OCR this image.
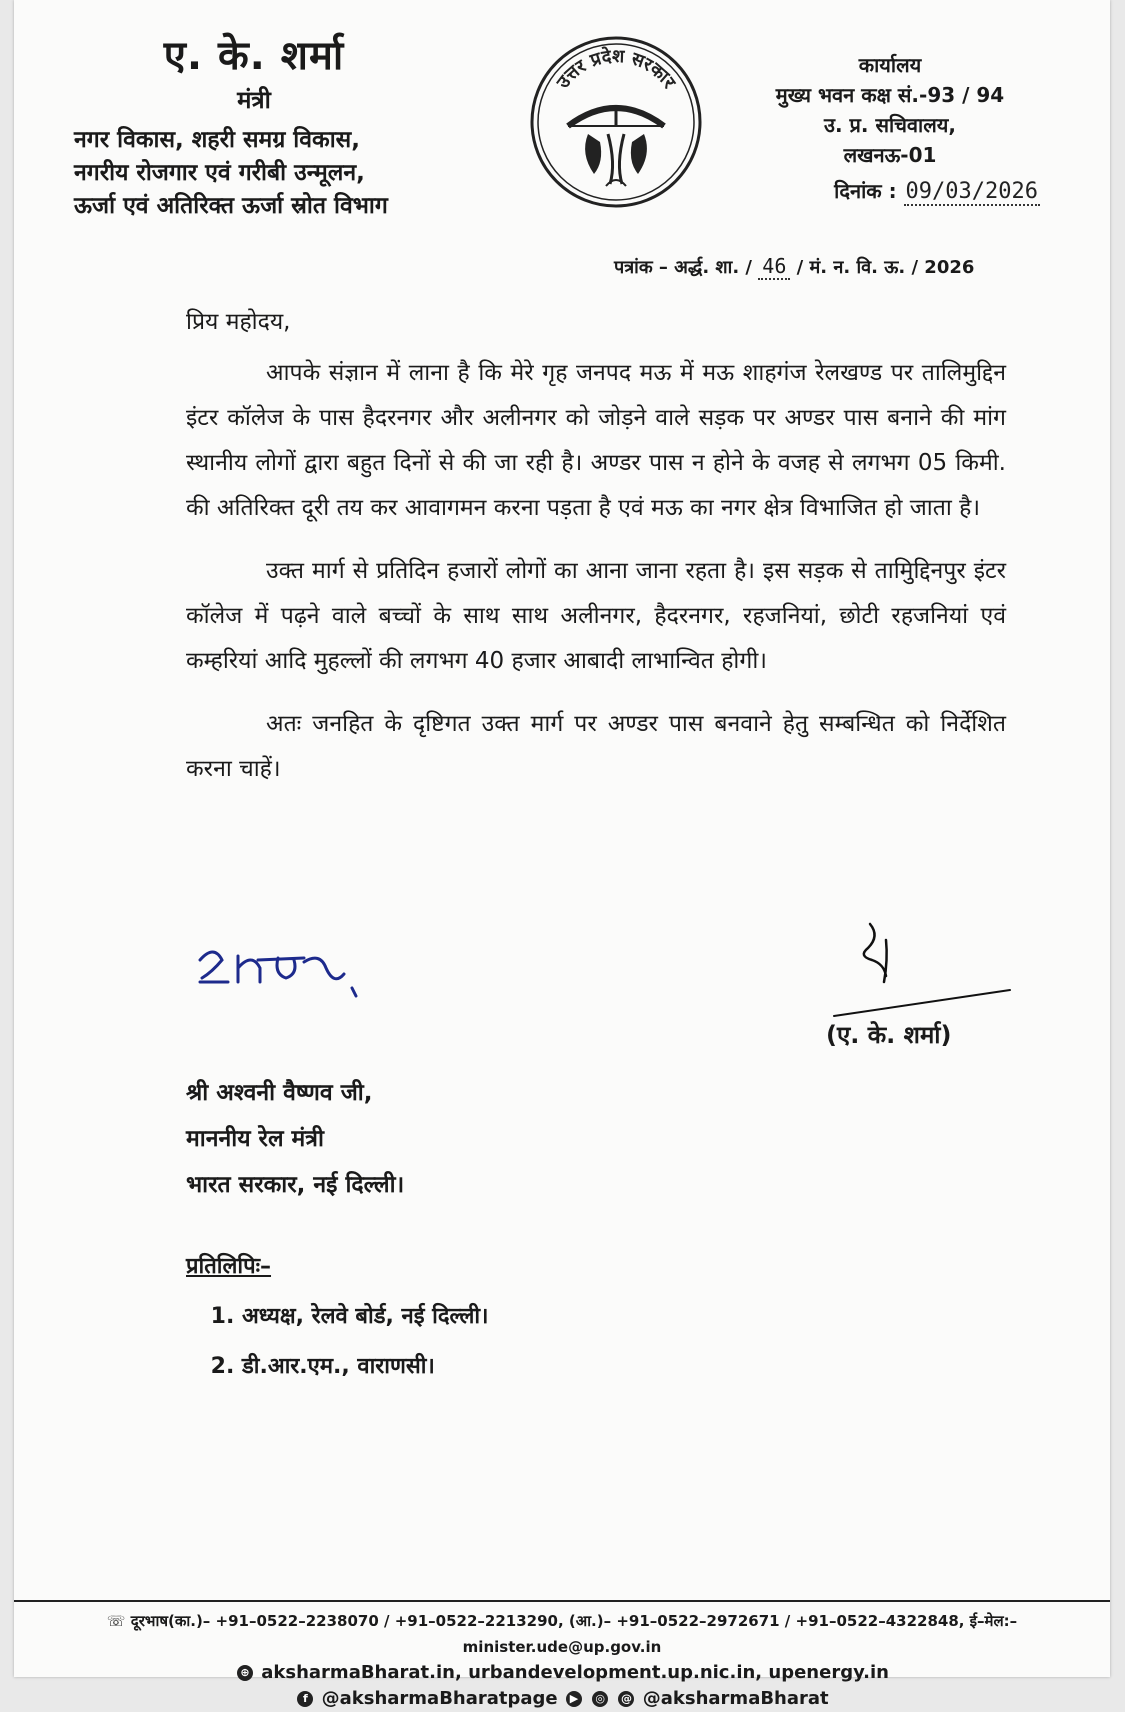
ए. के. शर्मा
मंत्री
नगर विकास, शहरी समग्र विकास,
नगरीय रोजगार एवं गरीबी उन्मूलन,
ऊर्जा एवं अतिरिक्त ऊर्जा स्रोत विभाग
उत्तर प्रदेश सरकार
कार्यालय
मुख्य भवन कक्ष सं.-93 / 94
उ. प्र. सचिवालय,
लखनऊ-01
दिनांक : 09/03/2026
पत्रांक – अर्द्ध. शा. / 46 / मं. न. वि. ऊ. / 2026

प्रिय महोदय,

आपके संज्ञान में लाना है कि मेरे गृह जनपद मऊ में मऊ शाहगंज रेलखण्ड पर तालिमुद्दिन इंटर कॉलेज के पास हैदरनगर और अलीनगर को जोड़ने वाले सड़क पर अण्डर पास बनाने की मांग स्थानीय लोगों द्वारा बहुत दिनों से की जा रही है। अण्डर पास न होने के वजह से लगभग 05 किमी. की अतिरिक्त दूरी तय कर आवागमन करना पड़ता है एवं मऊ का नगर क्षेत्र विभाजित हो जाता है।

उक्त मार्ग से प्रतिदिन हजारों लोगों का आना जाना रहता है। इस सड़क से तामिुद्दिनपुर इंटर कॉलेज में पढ़ने वाले बच्चों के साथ साथ अलीनगर, हैदरनगर, रहजनियां, छोटी रहजनियां एवं कम्हरियां आदि मुहल्लों की लगभग 40 हजार आबादी लाभान्वित होगी।

अतः जनहित के दृष्टिगत उक्त मार्ग पर अण्डर पास बनवाने हेतु सम्बन्धित को निर्देशित करना चाहें।

(ए. के. शर्मा)
श्री अश्वनी वैष्णव जी,
माननीय रेल मंत्री
भारत सरकार, नई दिल्ली।
प्रतिलिपिः–
1. अध्यक्ष, रेलवे बोर्ड, नई दिल्ली।
2. डी.आर.एम., वाराणसी।
☏ दूरभाष(का.)– +91–0522–2238070 / +91–0522–2213290, (आ.)– +91–0522–2972671 / +91–0522–4322848, ई–मेल:–minister.ude@up.gov.in
⊕ aksharmaBharat.in, urbandevelopment.up.nic.in, upenergy.in
f @aksharmaBharatpage ▶ ◎ @ @aksharmaBharat
